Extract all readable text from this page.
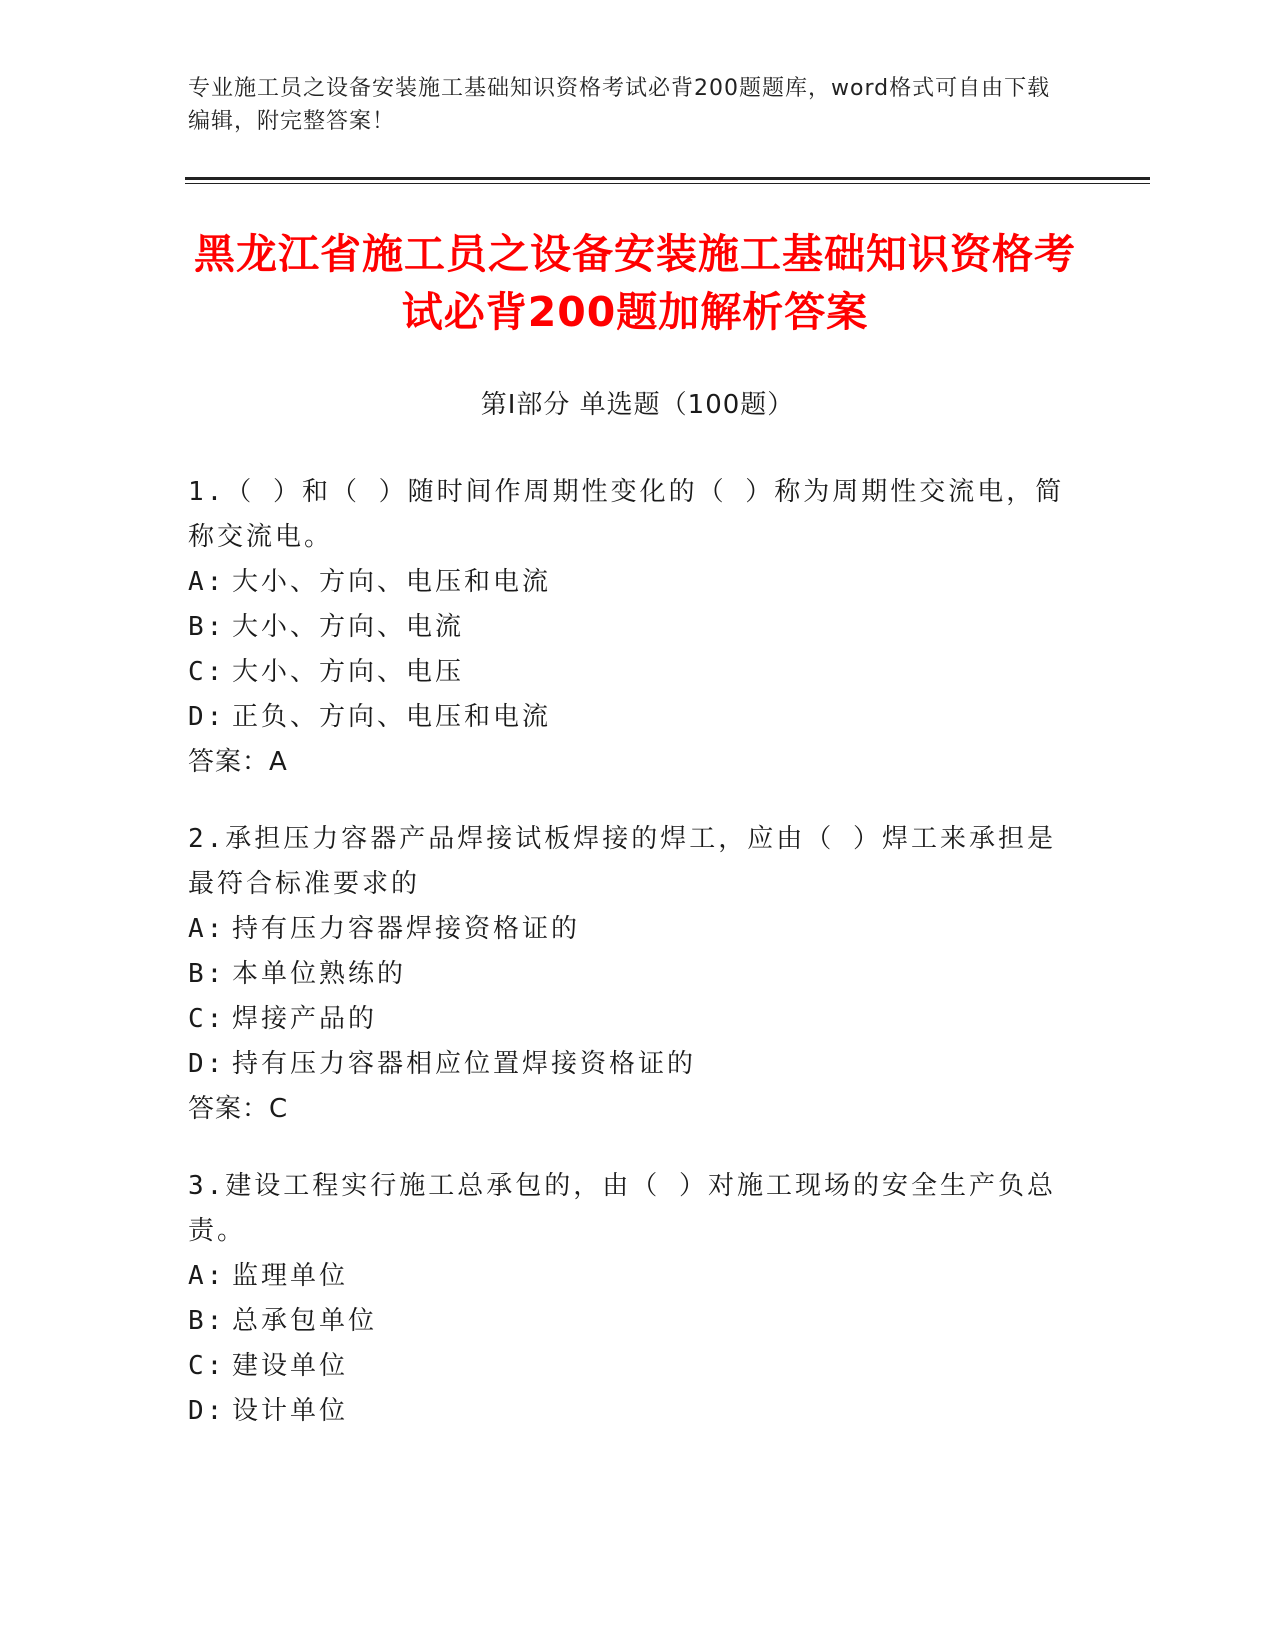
专业施工员之设备安装施工基础知识资格考试必背200题题库，word格式可自由下载编辑，附完整答案！
黑龙江省施工员之设备安装施工基础知识资格考试必背200题加解析答案
第Ⅰ部分 单选题（100题）
1.（ ）和（ ）随时间作周期性变化的（ ）称为周期性交流电，简称交流电。
A: 大小、方向、电压和电流
B: 大小、方向、电流
C: 大小、方向、电压
D: 正负、方向、电压和电流
答案：A
2.承担压力容器产品焊接试板焊接的焊工，应由（ ）焊工来承担是最符合标准要求的
A: 持有压力容器焊接资格证的
B: 本单位熟练的
C: 焊接产品的
D: 持有压力容器相应位置焊接资格证的
答案：C
3.建设工程实行施工总承包的，由（ ）对施工现场的安全生产负总责。
A: 监理单位
B: 总承包单位
C: 建设单位
D: 设计单位
